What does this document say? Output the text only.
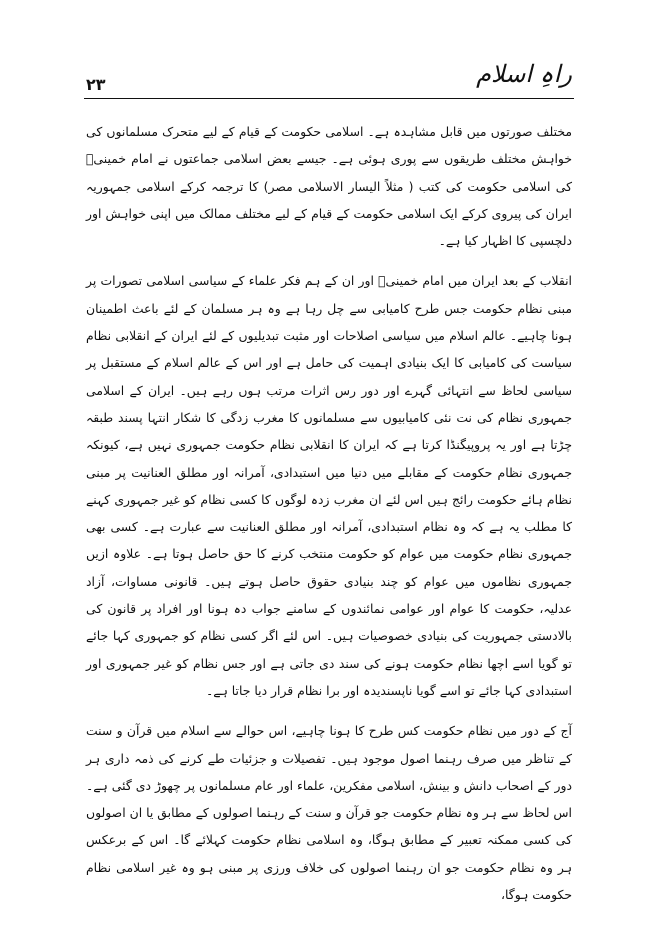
راہِ اسلام
۲۳

مختلف صورتوں میں قابل مشاہدہ ہے۔ اسلامی حکومت کے قیام کے لیے متحرک مسلمانوں کی خواہش مختلف طریقوں سے پوری ہوئی ہے۔ جیسے بعض اسلامی جماعتوں نے امام خمینیؒ کی اسلامی حکومت کی کتب ( مثلاً الیسار الاسلامی مصر) کا ترجمہ کرکے اسلامی جمہوریہ ایران کی پیروی کرکے ایک اسلامی حکومت کے قیام کے لیے مختلف ممالک میں اپنی خواہش اور دلچسپی کا اظہار کیا ہے۔

انقلاب کے بعد ایران میں امام خمینیؒ اور ان کے ہم فکر علماء کے سیاسی اسلامی تصورات پر مبنی نظام حکومت جس طرح کامیابی سے چل رہا ہے وہ ہر مسلمان کے لئے باعث اطمینان ہونا چاہیے۔ عالم اسلام میں سیاسی اصلاحات اور مثبت تبدیلیوں کے لئے ایران کے انقلابی نظام سیاست کی کامیابی کا ایک بنیادی اہمیت کی حامل ہے اور اس کے عالم اسلام کے مستقبل پر سیاسی لحاظ سے انتہائی گہرے اور دور رس اثرات مرتب ہوں رہے ہیں۔ ایران کے اسلامی جمہوری نظام کی نت نئی کامیابیوں سے مسلمانوں کا مغرب زدگی کا شکار انتہا پسند طبقہ چڑتا ہے اور یہ پروپیگنڈا کرتا ہے کہ ایران کا انقلابی نظام حکومت جمہوری نہیں ہے، کیونکہ جمہوری نظام حکومت کے مقابلے میں دنیا میں استبدادی، آمرانہ اور مطلق العنانیت پر مبنی نظام ہائے حکومت رائج ہیں اس لئے ان مغرب زدہ لوگوں کا کسی نظام کو غیر جمہوری کہنے کا مطلب یہ ہے کہ وہ نظام استبدادی، آمرانہ اور مطلق العنانیت سے عبارت ہے۔ کسی بھی جمہوری نظام حکومت میں عوام کو حکومت منتخب کرنے کا حق حاصل ہوتا ہے۔ علاوہ ازیں جمہوری نظاموں میں عوام کو چند بنیادی حقوق حاصل ہوتے ہیں۔ قانونی مساوات، آزاد عدلیہ، حکومت کا عوام اور عوامی نمائندوں کے سامنے جواب دہ ہونا اور افراد پر قانون کی بالادستی جمہوریت کی بنیادی خصوصیات ہیں۔ اس لئے اگر کسی نظام کو جمہوری کہا جائے تو گویا اسے اچھا نظام حکومت ہونے کی سند دی جاتی ہے اور جس نظام کو غیر جمہوری اور استبدادی کہا جائے تو اسے گویا ناپسندیدہ اور برا نظام قرار دیا جاتا ہے۔

آج کے دور میں نظام حکومت کس طرح کا ہونا چاہیے، اس حوالے سے اسلام میں قرآن و سنت کے تناظر میں صرف رہنما اصول موجود ہیں۔ تفصیلات و جزئیات طے کرنے کی ذمہ داری ہر دور کے اصحاب دانش و بینش، اسلامی مفکرین، علماء اور عام مسلمانوں پر چھوڑ دی گئی ہے۔ اس لحاظ سے ہر وہ نظام حکومت جو قرآن و سنت کے رہنما اصولوں کے مطابق یا ان اصولوں کی کسی ممکنہ تعبیر کے مطابق ہوگا، وہ اسلامی نظام حکومت کہلائے گا۔ اس کے برعکس ہر وہ نظام حکومت جو ان رہنما اصولوں کی خلاف ورزی پر مبنی ہو وہ غیر اسلامی نظام حکومت ہوگا،
